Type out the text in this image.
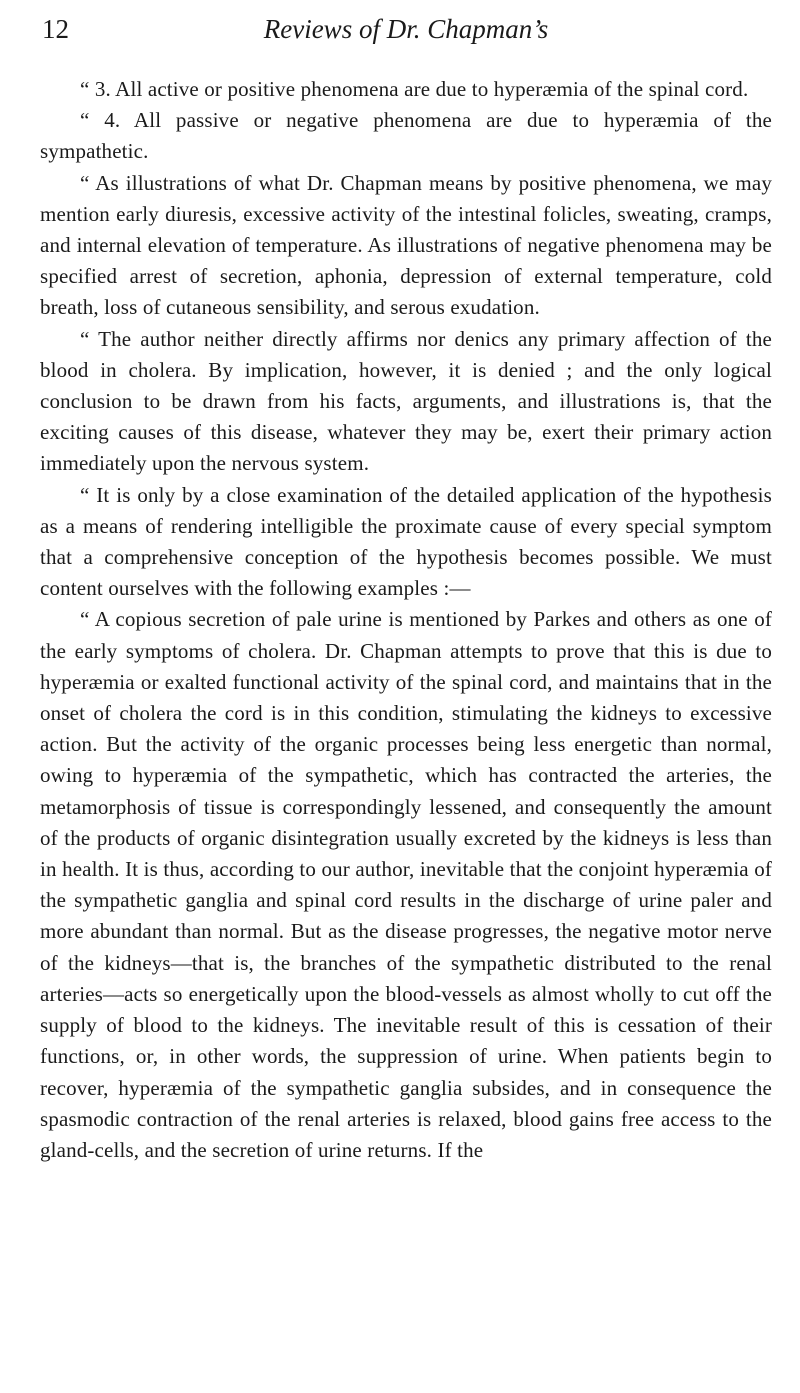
12	Reviews of Dr. Chapman’s

“ 3. All active or positive phenomena are due to hyperæmia of the spinal cord.

“ 4. All passive or negative phenomena are due to hyperæmia of the sympathetic.

“ As illustrations of what Dr. Chapman means by positive phenomena, we may mention early diuresis, excessive activity of the intestinal folicles, sweating, cramps, and internal elevation of temperature. As illustrations of negative phenomena may be specified arrest of secretion, aphonia, depression of external temperature, cold breath, loss of cutaneous sensibility, and serous exudation.

“ The author neither directly affirms nor denics any primary affection of the blood in cholera. By implication, however, it is denied ; and the only logical conclusion to be drawn from his facts, arguments, and illustrations is, that the exciting causes of this disease, whatever they may be, exert their primary action immediately upon the nervous system.

“ It is only by a close examination of the detailed application of the hypothesis as a means of rendering intelligible the proximate cause of every special symptom that a comprehensive conception of the hypothesis becomes possible. We must content ourselves with the following examples :—

“ A copious secretion of pale urine is mentioned by Parkes and others as one of the early symptoms of cholera. Dr. Chapman attempts to prove that this is due to hyperæmia or exalted functional activity of the spinal cord, and maintains that in the onset of cholera the cord is in this condition, stimulating the kidneys to excessive action. But the activity of the organic processes being less energetic than normal, owing to hyperæmia of the sympathetic, which has contracted the arteries, the metamorphosis of tissue is correspondingly lessened, and consequently the amount of the products of organic disintegration usually excreted by the kidneys is less than in health. It is thus, according to our author, inevitable that the conjoint hyperæmia of the sympathetic ganglia and spinal cord results in the discharge of urine paler and more abundant than normal. But as the disease progresses, the negative motor nerve of the kidneys—that is, the branches of the sympathetic distributed to the renal arteries—acts so energetically upon the blood-vessels as almost wholly to cut off the supply of blood to the kidneys. The inevitable result of this is cessation of their functions, or, in other words, the suppression of urine. When patients begin to recover, hyperæmia of the sympathetic ganglia subsides, and in consequence the spasmodic contraction of the renal arteries is relaxed, blood gains free access to the gland-cells, and the secretion of urine returns. If the
